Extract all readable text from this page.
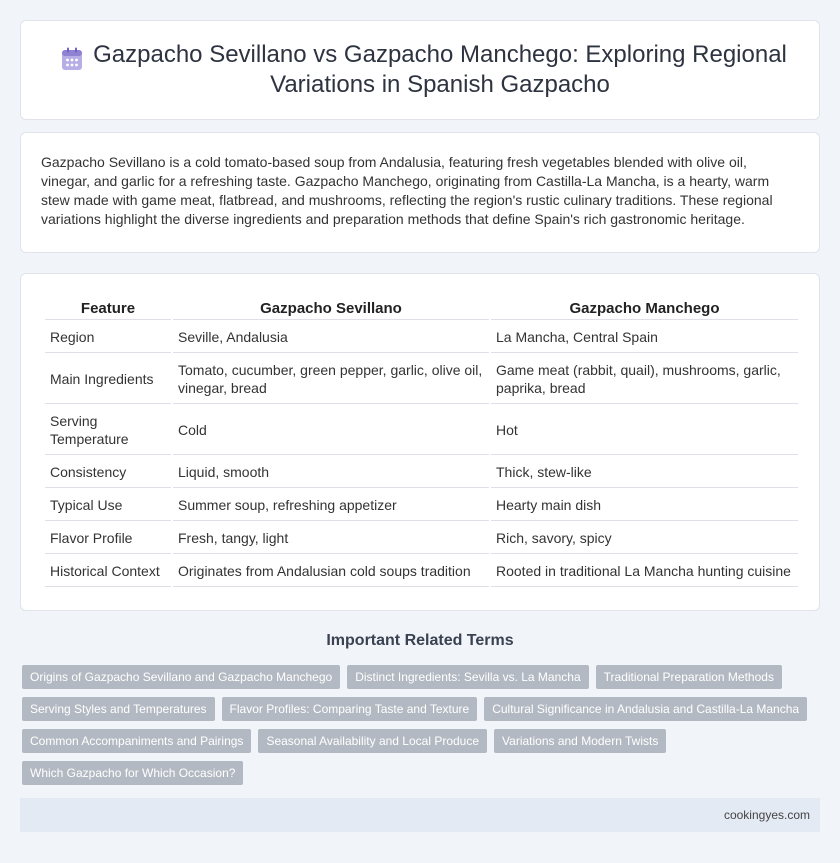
Gazpacho Sevillano vs Gazpacho Manchego: Exploring Regional Variations in Spanish Gazpacho

Gazpacho Sevillano is a cold tomato-based soup from Andalusia, featuring fresh vegetables blended with olive oil, vinegar, and garlic for a refreshing taste. Gazpacho Manchego, originating from Castilla-La Mancha, is a hearty, warm stew made with game meat, flatbread, and mushrooms, reflecting the region's rustic culinary traditions. These regional variations highlight the diverse ingredients and preparation methods that define Spain's rich gastronomic heritage.

Feature	Gazpacho Sevillano	Gazpacho Manchego
Region	Seville, Andalusia	La Mancha, Central Spain
Main Ingredients	Tomato, cucumber, green pepper, garlic, olive oil, vinegar, bread	Game meat (rabbit, quail), mushrooms, garlic, paprika, bread
Serving Temperature	Cold	Hot
Consistency	Liquid, smooth	Thick, stew-like
Typical Use	Summer soup, refreshing appetizer	Hearty main dish
Flavor Profile	Fresh, tangy, light	Rich, savory, spicy
Historical Context	Originates from Andalusian cold soups tradition	Rooted in traditional La Mancha hunting cuisine
Important Related Terms
Origins of Gazpacho Sevillano and Gazpacho Manchego	Distinct Ingredients: Sevilla vs. La Mancha	Traditional Preparation Methods
Serving Styles and Temperatures	Flavor Profiles: Comparing Taste and Texture	Cultural Significance in Andalusia and Castilla-La Mancha
Common Accompaniments and Pairings	Seasonal Availability and Local Produce	Variations and Modern Twists
Which Gazpacho for Which Occasion?
cookingyes.com
